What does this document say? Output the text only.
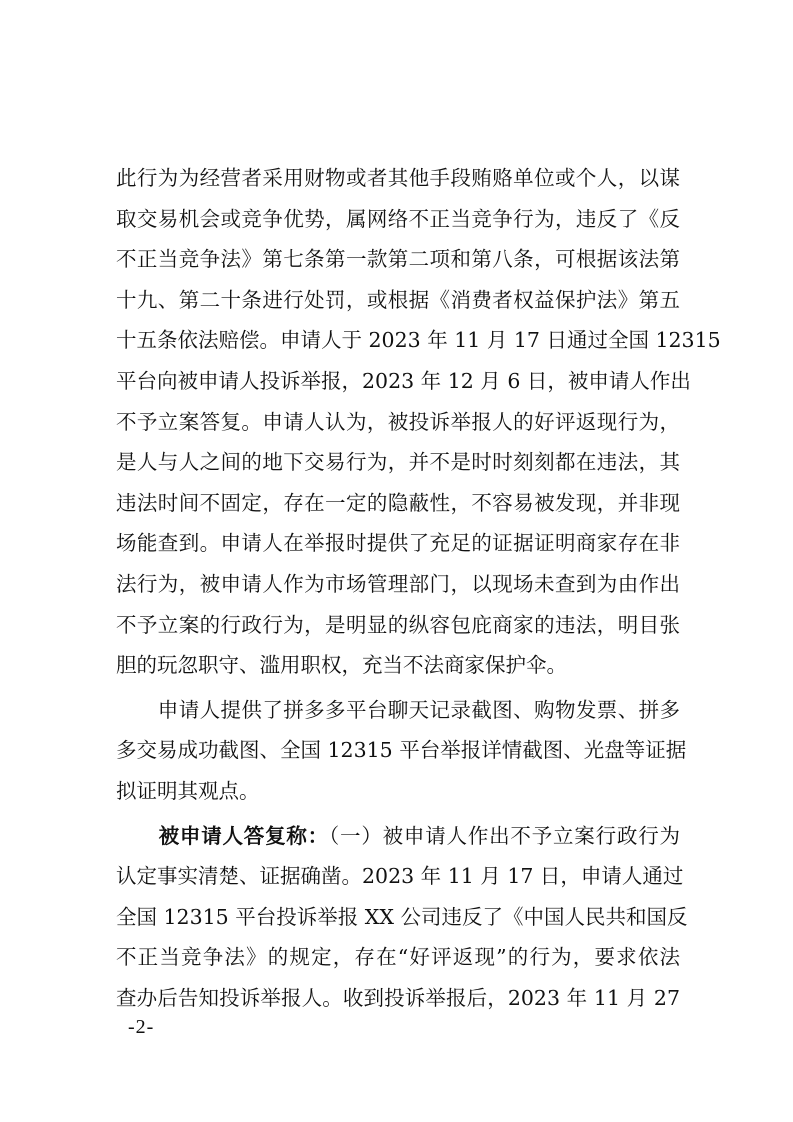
此行为为经营者采用财物或者其他手段贿赂单位或个人，以谋
取交易机会或竞争优势，属网络不正当竞争行为，违反了《反
不正当竞争法》第七条第一款第二项和第八条，可根据该法第
十九、第二十条进行处罚，或根据《消费者权益保护法》第五
十五条依法赔偿。申请人于 2023 年 11 月 17 日通过全国 12315
平台向被申请人投诉举报，2023 年 12 月 6 日，被申请人作出
不予立案答复。申请人认为，被投诉举报人的好评返现行为，
是人与人之间的地下交易行为，并不是时时刻刻都在违法，其
违法时间不固定，存在一定的隐蔽性，不容易被发现，并非现
场能查到。申请人在举报时提供了充足的证据证明商家存在非
法行为，被申请人作为市场管理部门，以现场未查到为由作出
不予立案的行政行为，是明显的纵容包庇商家的违法，明目张
胆的玩忽职守、滥用职权，充当不法商家保护伞。
　　申请人提供了拼多多平台聊天记录截图、购物发票、拼多
多交易成功截图、全国 12315 平台举报详情截图、光盘等证据
拟证明其观点。
　　被申请人答复称：（一）被申请人作出不予立案行政行为
认定事实清楚、证据确凿。2023 年 11 月 17 日，申请人通过
全国 12315 平台投诉举报 XX 公司违反了《中国人民共和国反
不正当竞争法》的规定，存在“好评返现”的行为，要求依法
查办后告知投诉举报人。收到投诉举报后，2023 年 11 月 27
-2-
